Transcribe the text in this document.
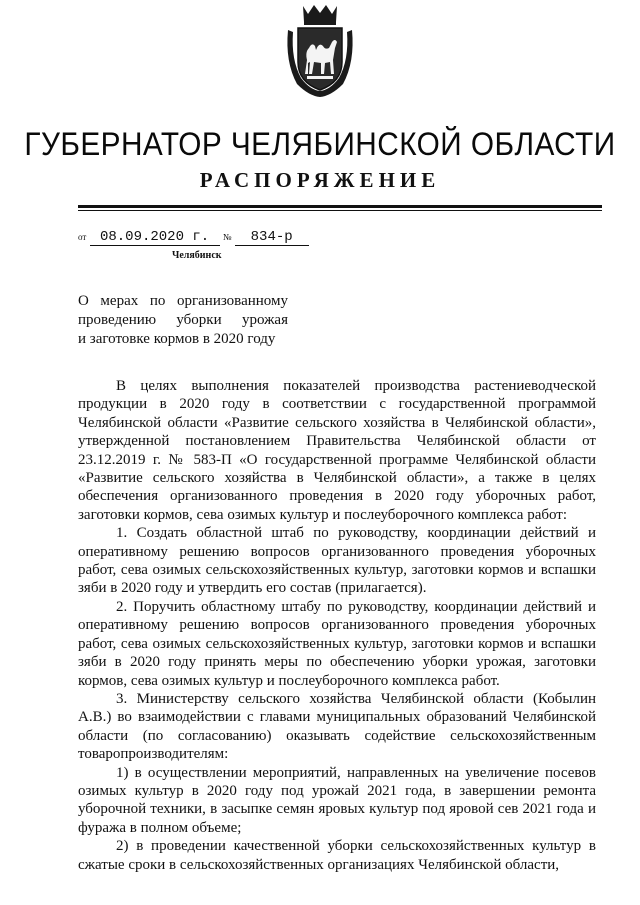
ГУБЕРНАТОР ЧЕЛЯБИНСКОЙ ОБЛАСТИ
РАСПОРЯЖЕНИЕ
от 08.09.2020 г. № 834-р
Челябинск
О мерах по организованному
проведению уборки урожая
и заготовке кормов в 2020 году

В целях выполнения показателей производства растениеводческой продукции в 2020 году в соответствии с государственной программой Челябинской области «Развитие сельского хозяйства в Челябинской области», утвержденной постановлением Правительства Челябинской области от 23.12.2019 г. № 583-П «О государственной программе Челябинской области «Развитие сельского хозяйства в Челябинской области», а также в целях обеспечения организованного проведения в 2020 году уборочных работ, заготовки кормов, сева озимых культур и послеуборочного комплекса работ:

1. Создать областной штаб по руководству, координации действий и оперативному решению вопросов организованного проведения уборочных работ, сева озимых сельскохозяйственных культур, заготовки кормов и вспашки зяби в 2020 году и утвердить его состав (прилагается).

2. Поручить областному штабу по руководству, координации действий и оперативному решению вопросов организованного проведения уборочных работ, сева озимых сельскохозяйственных культур, заготовки кормов и вспашки зяби в 2020 году принять меры по обеспечению уборки урожая, заготовки кормов, сева озимых культур и послеуборочного комплекса работ.

3. Министерству сельского хозяйства Челябинской области (Кобылин А.В.) во взаимодействии с главами муниципальных образований Челябинской области (по согласованию) оказывать содействие сельскохозяйственным товаропроизводителям:

1) в осуществлении мероприятий, направленных на увеличение посевов озимых культур в 2020 году под урожай 2021 года, в завершении ремонта уборочной техники, в засыпке семян яровых культур под яровой сев 2021 года и фуража в полном объеме;

2) в проведении качественной уборки сельскохозяйственных культур в сжатые сроки в сельскохозяйственных организациях Челябинской области,
